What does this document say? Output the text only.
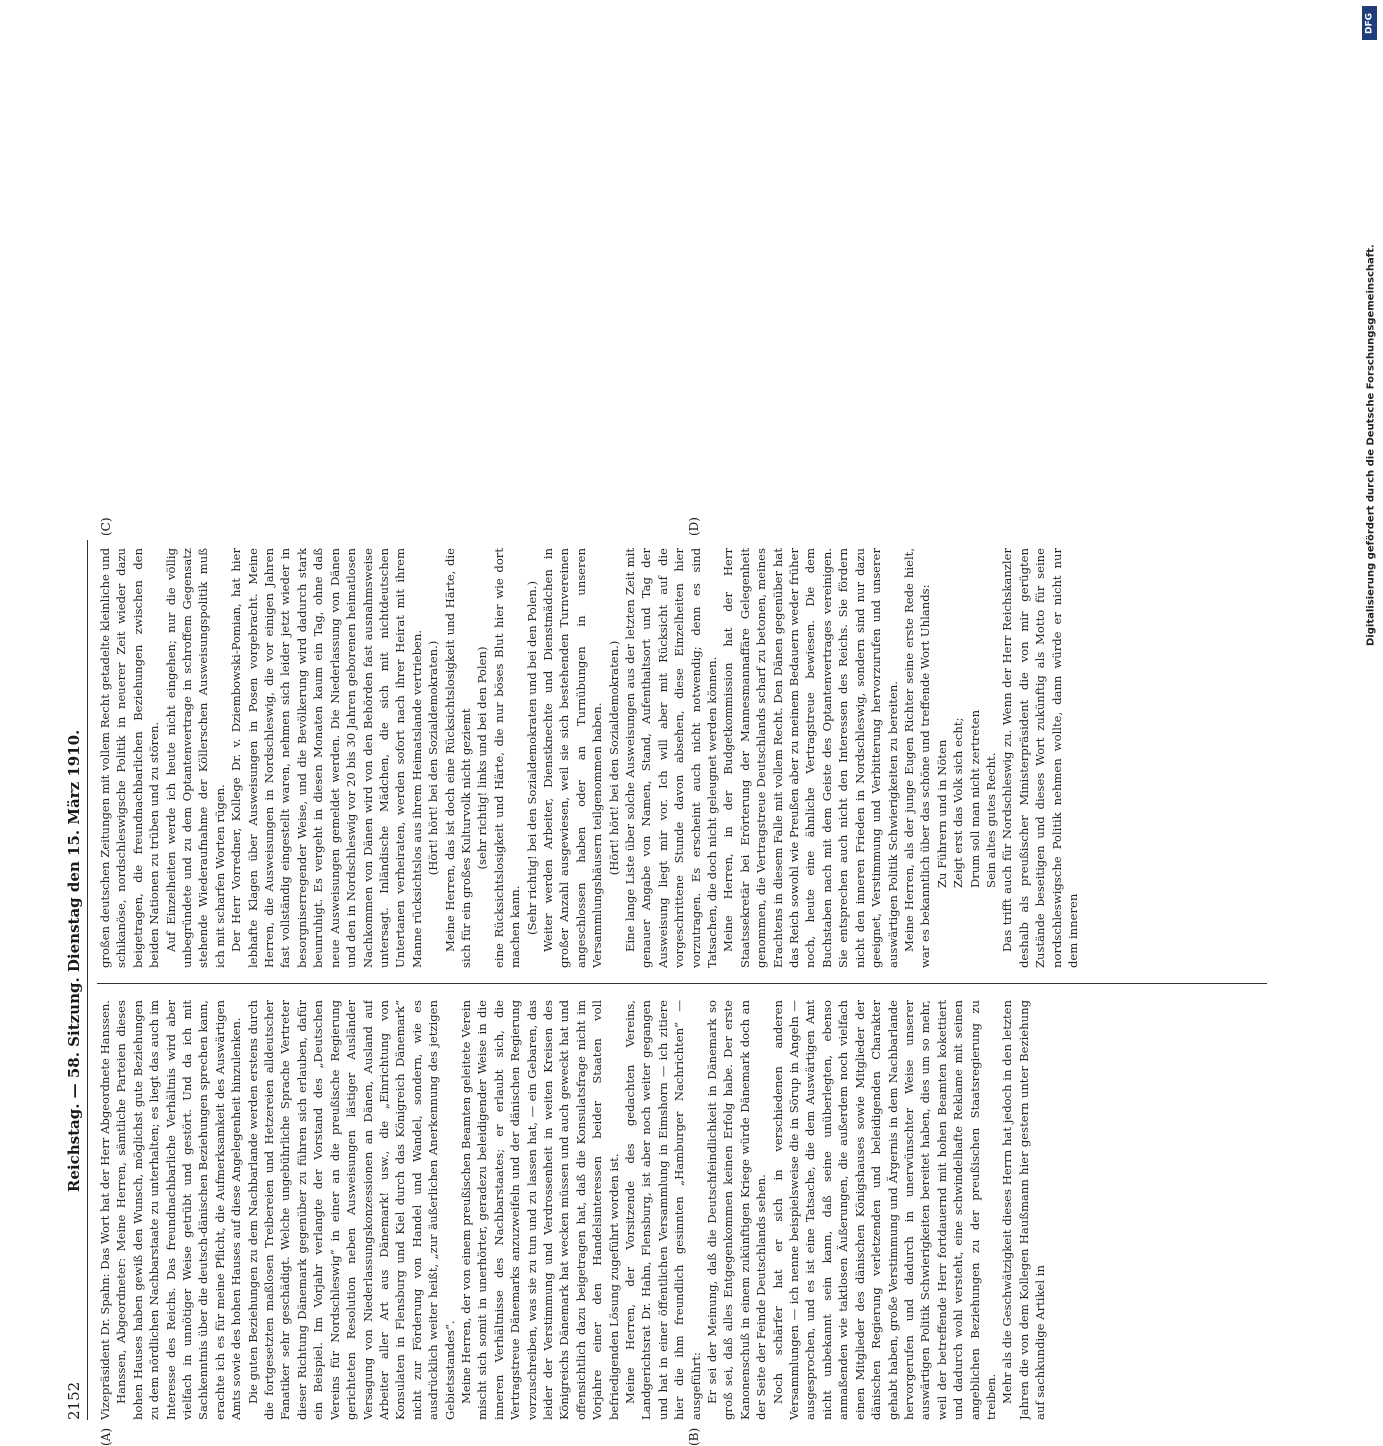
2152
Reichstag. — 58. Sitzung. Dienstag den 15. März 1910.

Vizepräsident Dr. Spahn: Das Wort hat der Herr Abgeordnete Hanssen. Hanssen, Abgeordneter: Meine Herren, sämtliche Parteien dieses hohen Hauses haben gewiß den Wunsch, möglichst gute Beziehungen zu dem nördlichen Nachbarstaate zu unterhalten; es liegt das auch im Interesse des Reichs. Das freundnachbarliche Verhältnis wird aber vielfach in unnötiger Weise getrübt und gestört. Und da ich mit Sachkenntnis über die deutsch-dänischen Beziehungen sprechen kann, erachte ich es für meine Pflicht, die Aufmerksamkeit des Auswärtigen Amts sowie des hohen Hauses auf diese Angelegenheit hinzulenken. Die guten Beziehungen zu dem Nachbarlande werden erstens durch die fortgesetzten maßlosen Treibereien und Hetzereien alldeutscher Fanatiker sehr geschädigt. Welche ungebührliche Sprache Vertreter dieser Richtung Dänemark gegenüber zu führen sich erlauben, dafür ein Beispiel. Im Vorjahr verlangte der Vorstand des „Deutschen Vereins für Nordschleswig“ in einer an die preußische Regierung gerichteten Resolution neben Ausweisungen lästiger Ausländer Versagung von Niederlassungskonzessionen an Dänen, Ausland auf Arbeiter aller Art aus Dänemark! usw., die „Einrichtung von Konsulaten in Flensburg und Kiel durch das Königreich Dänemark“ nicht zur Förderung von Handel und Wandel, sondern, wie es ausdrücklich weiter heißt, „zur äußerlichen Anerkennung des jetzigen Gebietsstandes“. Meine Herren, der von einem preußischen Beamten geleitete Verein mischt sich somit in unerhörter, geradezu beleidigender Weise in die inneren Verhältnisse des Nachbarstaates; er erlaubt sich, die Vertragstreue Dänemarks anzuzweifeln und der dänischen Regierung vorzuschreiben, was sie zu tun und zu lassen hat, — ein Gebaren, das leider der Verstimmung und Verdrossenheit in weiten Kreisen des Königreichs Dänemark hat wecken müssen und auch geweckt hat und offensichtlich dazu beigetragen hat, daß die Konsulatsfrage nicht im Vorjahre einer den Handelsinteressen beider Staaten voll befriedigenden Lösung zugeführt worden ist. Meine Herren, der Vorsitzende des gedachten Vereins, Landgerichtsrat Dr. Hahn, Flensburg, ist aber noch weiter gegangen und hat in einer öffentlichen Versammlung in Eimshorn — ich zitiere hier die ihm freundlich gesinnten „Hamburger Nachrichten“ — ausgeführt: Er sei der Meinung, daß die Deutschfeindlichkeit in Dänemark so groß sei, daß alles Entgegenkommen keinen Erfolg habe. Der erste Kanonenschuß in einem zukünftigen Kriege würde Dänemark doch an der Seite der Feinde Deutschlands sehen. Noch schärfer hat er sich in verschiedenen anderen Versammlungen — ich nenne beispielsweise die in Sörup in Angeln — ausgesprochen, und es ist eine Tatsache, die dem Auswärtigen Amt nicht unbekannt sein kann, daß seine unüberlegten, ebenso anmaßenden wie taktlosen Äußerungen, die außerdem noch vielfach einen Mitglieder des dänischen Königshauses sowie Mitglieder der dänischen Regierung verletzenden und beleidigenden Charakter gehabt haben, große Verstimmung und Ärgernis in dem Nachbarlande hervorgerufen und dadurch in unerwünschter Weise unserer auswärtigen Politik Schwierigkeiten bereitet haben, dies um so mehr, weil der betreffende Herr fortdauernd mit hohen Beamten kokettiert und dadurch wohl versteht, eine schwindelhafte Reklame mit seinen angeblichen Beziehungen zu der preußischen Staatsregierung zu treiben. Mehr als die Geschwätzigkeit dieses Herrn hat jedoch in den letzten Jahren die von dem Kollegen Haußmann hier gestern unter Beziehung auf sachkundige Artikel in

großen deutschen Zeitungen mit vollem Recht getadelte kleinliche und schikanöse, nordschleswigsche Politik in neuerer Zeit wieder dazu beigetragen, die freundnachbarlichen Beziehungen zwischen den beiden Nationen zu trüben und zu stören. Auf Einzelheiten werde ich heute nicht eingehen; nur die völlig unbegründete und zu dem Optantenvertrage in schroffem Gegensatz stehende Wiederaufnahme der Köllerschen Ausweisungspolitik muß ich mit scharfen Worten rügen. Der Herr Vorredner, Kollege Dr. v. Dziembowski-Pomian, hat hier lebhafte Klagen über Ausweisungen in Posen vorgebracht. Meine Herren, die Ausweisungen in Nordschleswig, die vor einigen Jahren fast vollständig eingestellt waren, nehmen sich leider jetzt wieder in besorgniserregender Weise, und die Bevölkerung wird dadurch stark beunruhigt. Es vergeht in diesen Monaten kaum ein Tag, ohne daß neue Ausweisungen gemeldet werden. Die Niederlassung von Dänen und den in Nordschleswig vor 20 bis 30 Jahren geborenen heimatlosen Nachkommen von Dänen wird von den Behörden fast ausnahmsweise untersagt. Inländische Mädchen, die sich mit nichtdeutschen Untertanen verheiraten, werden sofort nach ihrer Heirat mit ihrem Manne rücksichtslos aus ihrem Heimatslande vertrieben. (Hört! hört! bei den Sozialdemokraten.) Meine Herren, das ist doch eine Rücksichtslosigkeit und Härte, die sich für ein großes Kulturvolk nicht geziemt (sehr richtig! links und bei den Polen) eine Rücksichtslosigkeit und Härte, die nur böses Blut hier wie dort machen kann. (Sehr richtig! bei den Sozialdemokraten und bei den Polen.) Weiter werden Arbeiter, Dienstknechte und Dienstmädchen in großer Anzahl ausgewiesen, weil sie sich bestehenden Turnvereinen angeschlossen haben oder an Turnübungen in unseren Versammlungshäusern teilgenommen haben. (Hört! hört! bei den Sozialdemokraten.) Eine lange Liste über solche Ausweisungen aus der letzten Zeit mit genauer Angabe von Namen, Stand, Aufenthaltsort und Tag der Ausweisung liegt mir vor. Ich will aber mit Rücksicht auf die vorgeschrittene Stunde davon absehen, diese Einzelheiten hier vorzutragen. Es erscheint auch nicht notwendig; denn es sind Tatsachen, die doch nicht geleugnet werden können. Meine Herren, in der Budgetkommission hat der Herr Staatssekretär bei Erörterung der Mannesmannaffäre Gelegenheit genommen, die Vertragstreue Deutschlands scharf zu betonen, meines Erachtens in diesem Falle mit vollem Recht. Den Dänen gegenüber hat das Reich sowohl wie Preußen aber zu meinem Bedauern weder früher noch, heute eine ähnliche Vertragstreue bewiesen. Die dem Buchstaben nach mit dem Geiste des Optantenvertrages vereinigen. Sie entsprechen auch nicht den Interessen des Reichs. Sie fördern nicht den inneren Frieden in Nordschleswig, sondern sind nur dazu geeignet, Verstimmung und Verbitterung hervorzurufen und unserer auswärtigen Politik Schwierigkeiten zu bereiten. Meine Herren, als der junge Eugen Richter seine erste Rede hielt, war es bekanntlich über das schöne und treffende Wort Uhlands: Zu Führern und in Nöten Zeigt erst das Volk sich echt; Drum soll man nicht zertreten Sein altes gutes Recht. Das trifft auch für Nordschleswig zu. Wenn der Herr Reichskanzler deshalb als preußischer Ministerpräsident die von mir gerügten Zustände beseitigen und dieses Wort zukünftig als Motto für seine nordschleswigsche Politik nehmen wollte, dann würde er nicht nur dem inneren

(A)	(B)
(C)	(D)
DFG
Digitalisierung gefördert durch die Deutsche Forschungsgemeinschaft.
